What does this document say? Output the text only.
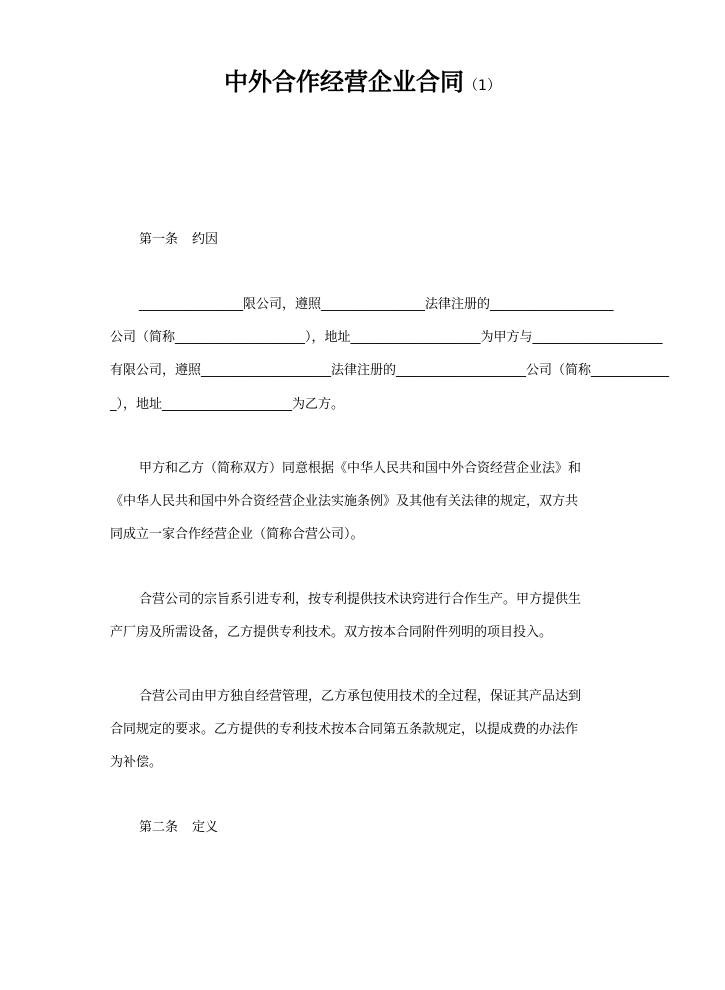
中外合作经营企业合同（1）
第一条 约因
________________限公司，遵照________________法律注册的___________________
公司（简称____________________），地址____________________为甲方与____________________
有限公司，遵照____________________法律注册的____________________公司（简称____________
_），地址____________________为乙方。
甲方和乙方（简称双方）同意根据《中华人民共和国中外合资经营企业法》和
《中华人民共和国中外合资经营企业法实施条例》及其他有关法律的规定，双方共
同成立一家合作经营企业（简称合营公司）。
合营公司的宗旨系引进专利，按专利提供技术诀窍进行合作生产。甲方提供生
产厂房及所需设备，乙方提供专利技术。双方按本合同附件列明的项目投入。
合营公司由甲方独自经营管理，乙方承包使用技术的全过程，保证其产品达到
合同规定的要求。乙方提供的专利技术按本合同第五条款规定，以提成费的办法作
为补偿。
第二条 定义
